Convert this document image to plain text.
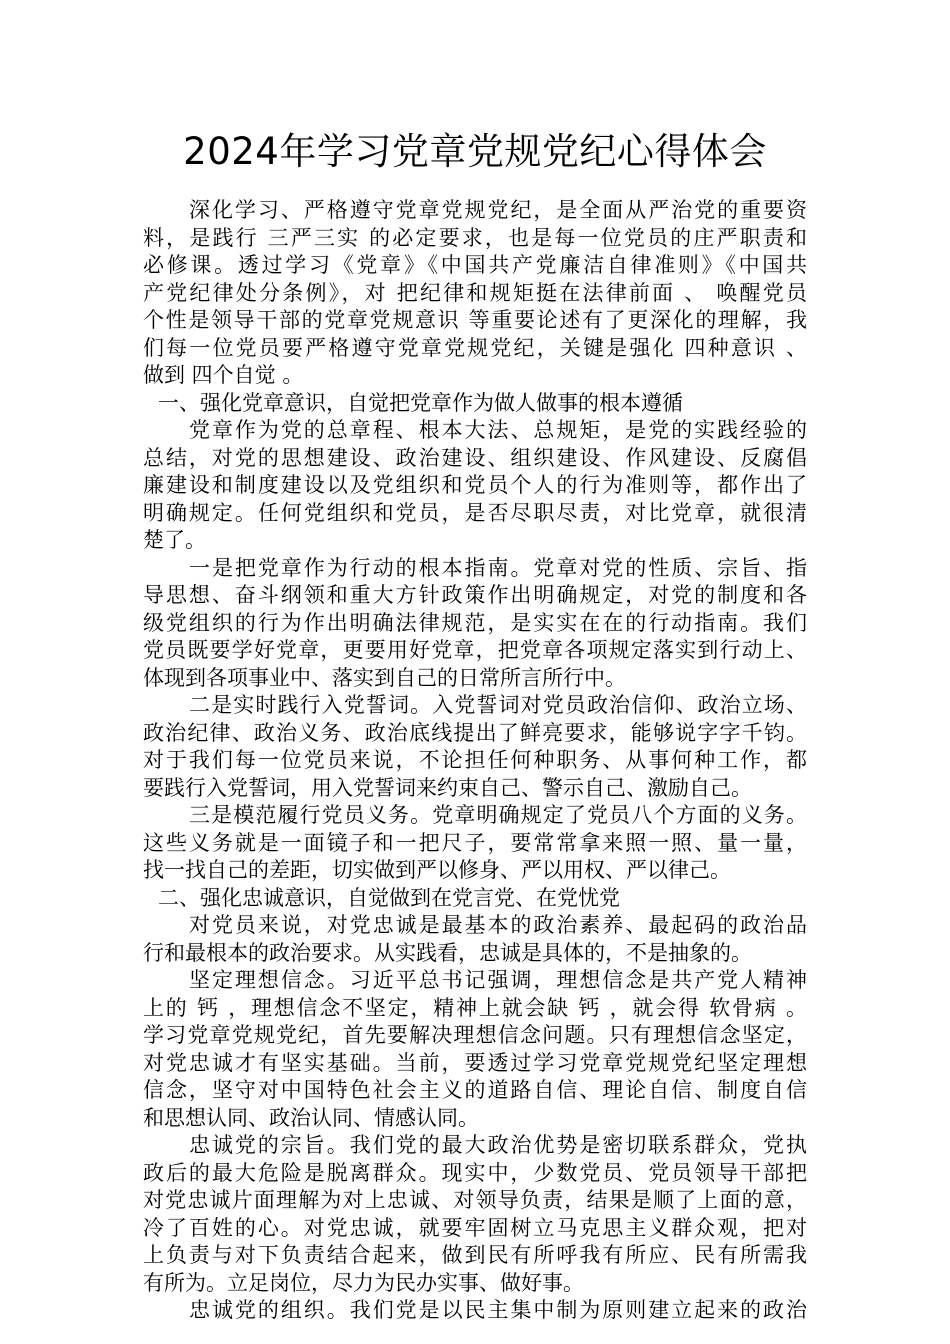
2024年学习党章党规党纪心得体会
深化学习、严格遵守党章党规党纪，是全面从严治党的重要资
料，是践行 三严三实 的必定要求，也是每一位党员的庄严职责和
必修课。透过学习《党章》《中国共产党廉洁自律准则》《中国共
产党纪律处分条例》，对 把纪律和规矩挺在法律前面 、 唤醒党员
个性是领导干部的党章党规意识 等重要论述有了更深化的理解，我
们每一位党员要严格遵守党章党规党纪，关键是强化 四种意识 、
做到 四个自觉 。
一、强化党章意识，自觉把党章作为做人做事的根本遵循
党章作为党的总章程、根本大法、总规矩，是党的实践经验的
总结，对党的思想建设、政治建设、组织建设、作风建设、反腐倡
廉建设和制度建设以及党组织和党员个人的行为准则等，都作出了
明确规定。任何党组织和党员，是否尽职尽责，对比党章，就很清
楚了。
一是把党章作为行动的根本指南。党章对党的性质、宗旨、指
导思想、奋斗纲领和重大方针政策作出明确规定，对党的制度和各
级党组织的行为作出明确法律规范，是实实在在的行动指南。我们
党员既要学好党章，更要用好党章，把党章各项规定落实到行动上、
体现到各项事业中、落实到自己的日常所言所行中。
二是实时践行入党誓词。入党誓词对党员政治信仰、政治立场、
政治纪律、政治义务、政治底线提出了鲜亮要求，能够说字字千钧。
对于我们每一位党员来说，不论担任何种职务、从事何种工作，都
要践行入党誓词，用入党誓词来约束自己、警示自己、激励自己。
三是模范履行党员义务。党章明确规定了党员八个方面的义务。
这些义务就是一面镜子和一把尺子，要常常拿来照一照、量一量，
找一找自己的差距，切实做到严以修身、严以用权、严以律己。
二、强化忠诚意识，自觉做到在党言党、在党忧党
对党员来说，对党忠诚是最基本的政治素养、最起码的政治品
行和最根本的政治要求。从实践看，忠诚是具体的，不是抽象的。
坚定理想信念。习近平总书记强调，理想信念是共产党人精神
上的 钙 ，理想信念不坚定，精神上就会缺 钙 ，就会得 软骨病 。
学习党章党规党纪，首先要解决理想信念问题。只有理想信念坚定，
对党忠诚才有坚实基础。当前，要透过学习党章党规党纪坚定理想
信念，坚守对中国特色社会主义的道路自信、理论自信、制度自信
和思想认同、政治认同、情感认同。
忠诚党的宗旨。我们党的最大政治优势是密切联系群众，党执
政后的最大危险是脱离群众。现实中，少数党员、党员领导干部把
对党忠诚片面理解为对上忠诚、对领导负责，结果是顺了上面的意，
冷了百姓的心。对党忠诚，就要牢固树立马克思主义群众观，把对
上负责与对下负责结合起来，做到民有所呼我有所应、民有所需我
有所为。立足岗位，尽力为民办实事、做好事。
忠诚党的组织。我们党是以民主集中制为原则建立起来的政治
